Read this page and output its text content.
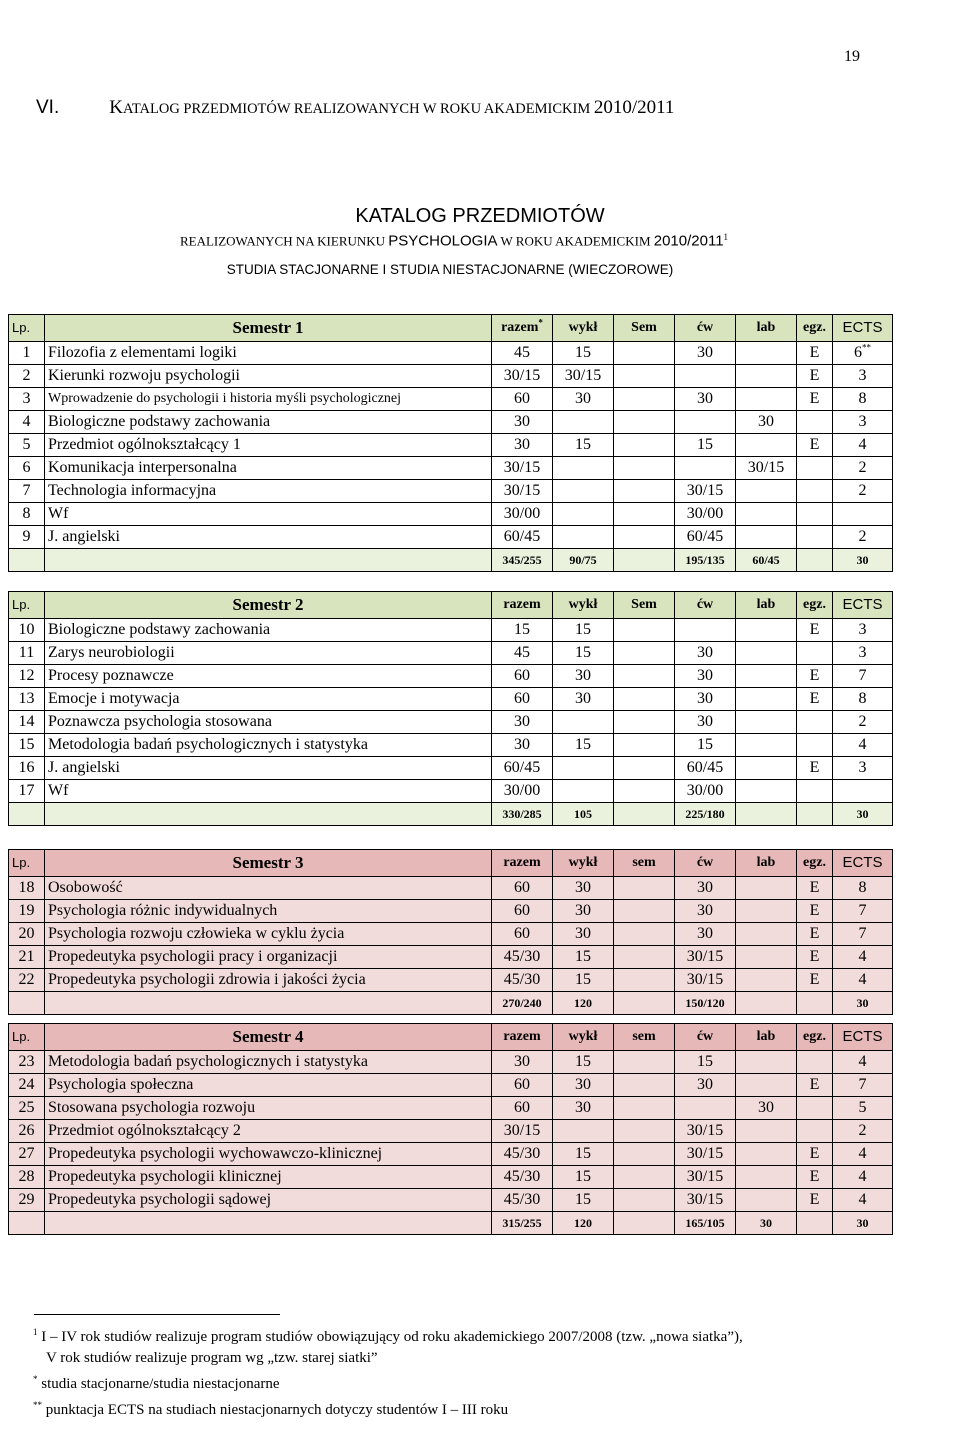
19
VI.	KATALOG PRZEDMIOTÓW REALIZOWANYCH W ROKU AKADEMICKIM 2010/2011
KATALOG PRZEDMIOTÓW
REALIZOWANYCH NA KIERUNKU PSYCHOLOGIA W ROKU AKADEMICKIM 2010/2011$^1$
STUDIA STACJONARNE I STUDIA NIESTACJONARNE (WIECZOROWE)
Lp.	Semestr 1	razem*	wykł	Sem	ćw	lab	egz.	ECTS
1	Filozofia z elementami logiki	45	15		30		E	6**
2	Kierunki rozwoju psychologii	30/15	30/15				E	3
3	Wprowadzenie do psychologii i historia myśli psychologicznej	60	30		30		E	8
4	Biologiczne podstawy zachowania	30				30		3
5	Przedmiot ogólnokształcący 1	30	15		15		E	4
6	Komunikacja interpersonalna	30/15				30/15		2
7	Technologia informacyjna	30/15			30/15			2
8	Wf	30/00			30/00			
9	J. angielski	60/45			60/45			2
		345/255	90/75		195/135	60/45		30
Lp.	Semestr 2	razem	wykł	Sem	ćw	lab	egz.	ECTS
10	Biologiczne podstawy zachowania	15	15				E	3
11	Zarys neurobiologii	45	15		30			3
12	Procesy poznawcze	60	30		30		E	7
13	Emocje i motywacja	60	30		30		E	8
14	Poznawcza psychologia stosowana	30			30			2
15	Metodologia badań psychologicznych i statystyka	30	15		15			4
16	J. angielski	60/45			60/45		E	3
17	Wf	30/00			30/00			
		330/285	105		225/180			30
Lp.	Semestr 3	razem	wykł	sem	ćw	lab	egz.	ECTS
18	Osobowość	60	30		30		E	8
19	Psychologia różnic indywidualnych	60	30		30		E	7
20	Psychologia rozwoju człowieka w cyklu życia	60	30		30		E	7
21	Propedeutyka psychologii pracy i organizacji	45/30	15		30/15		E	4
22	Propedeutyka psychologii zdrowia i jakości życia	45/30	15		30/15		E	4
		270/240	120		150/120			30
Lp.	Semestr 4	razem	wykł	sem	ćw	lab	egz.	ECTS
23	Metodologia badań psychologicznych i statystyka	30	15		15			4
24	Psychologia społeczna	60	30		30		E	7
25	Stosowana psychologia rozwoju	60	30			30		5
26	Przedmiot ogólnokształcący 2	30/15			30/15			2
27	Propedeutyka psychologii wychowawczo-klinicznej	45/30	15		30/15		E	4
28	Propedeutyka psychologii klinicznej	45/30	15		30/15		E	4
29	Propedeutyka psychologii sądowej	45/30	15		30/15		E	4
		315/255	120		165/105	30		30
$^1$ I – IV rok studiów realizuje program studiów obowiązujący od roku akademickiego 2007/2008 (tzw. „nowa siatka”),
V rok studiów realizuje program wg „tzw. starej siatki”
* studia stacjonarne/studia niestacjonarne
** punktacja ECTS na studiach niestacjonarnych dotyczy studentów I – III roku
